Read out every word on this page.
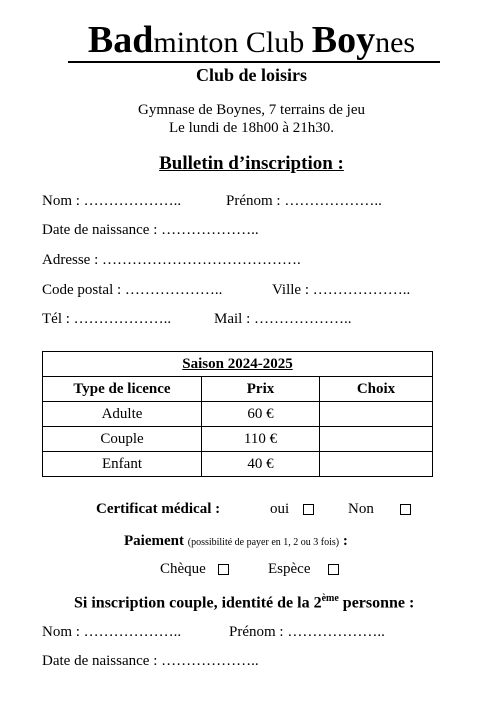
Badminton Club Boynes
Club de loisirs
Gymnase de Boynes, 7 terrains de jeu
Le lundi de 18h00 à 21h30.
Bulletin d’inscription :
Nom : ………………..	Prénom : ………………..
Date de naissance : ………………..
Adresse : ………………………………….
Code postal : ………………..	Ville : ………………..
Tél : ………………..	Mail : ………………..
Saison 2024-2025		
Type de licence	Prix	Choix
Adulte	60 €	
Couple	110 €	
Enfant	40 €	
Certificat médical :	oui	Non
Paiement (possibilité de payer en 1, 2 ou 3 fois) :
Chèque	Espèce
Si inscription couple, identité de la 2ème personne :
Nom : ………………..	Prénom : ………………..
Date de naissance : ………………..
